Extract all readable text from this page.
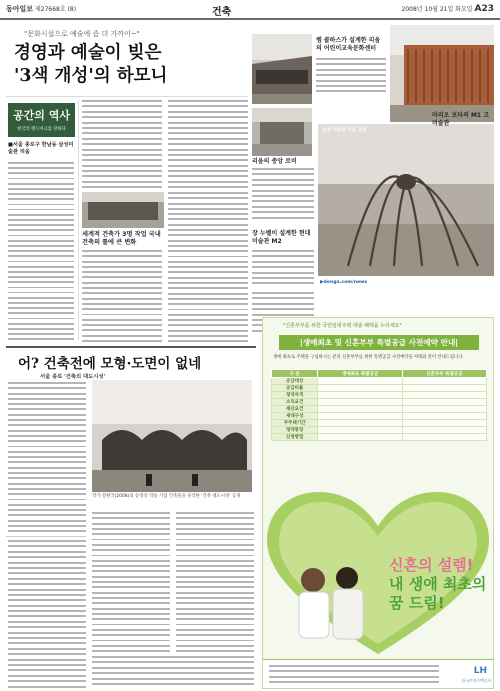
동아일보 제27668호 (8)	건축	2008년 10월 21일 화요일 A23
"문화시설으로 예술에 좀 더 가까이~"
경영과 예술이 빚은
'3색 개성'의 하모니
공간의 역사
한국의 랜드마크를 말하다
■서울 종로구 한남동 삼성미술관 리움
렘 콜하스가 설계한 리움의 어린이교육문화센터
리움의 중앙 로비
삼성 미술관 리움 전경
마리오 보타의 M1 고미술관
장 누벨이 설계한 현대 미술관 M2
세계적 건축가 3명 작업 국내 건축의 틀에 큰 변화
▶donga.com/news
어? 건축전에 모형·도면이 없네
서울 종로 '건축의 대도시성'
작가 강원국(2008)의 동영상 작품 기업 건축물을 분석한 '건축 대도시성' 공개
"신혼부부를 위한 국민임대주택 대출 혜택을 누리세요"
|생애최초 및 신혼부부 특별공급 사전예약 안내|
생애 최초로 주택을 구입하시는 분과 신혼부부를 위한 특별공급 사전예약을 아래와 같이 안내드립니다.
구 분	생애최초 특별공급	신혼부부 특별공급
공급대상		
공급비율		
청약자격		
소득요건		
재산요건		
세대구성		
무주택기간		
청약통장		
신청방법		
신혼의 설렘!
내 생애 최초의
꿈 드림!
LH
한국토지주택공사
